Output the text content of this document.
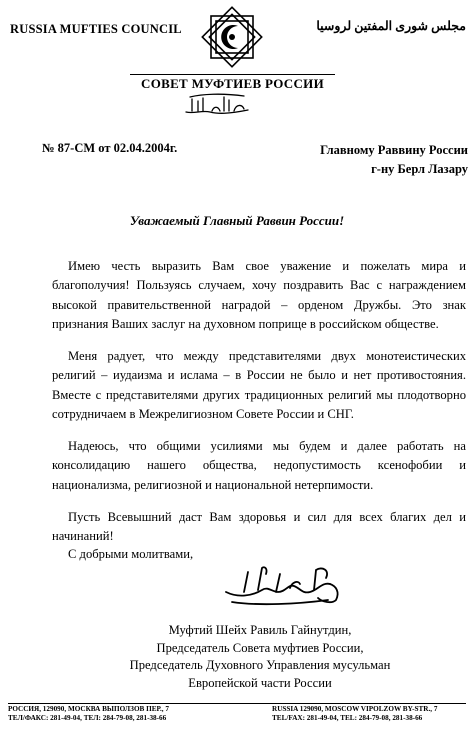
RUSSIA MUFTIES COUNCIL	مجلس شورى المفتين لروسيا
СОВЕТ МУФТИЕВ РОССИИ
بسم الله الرحمن الرحيم
№ 87-СМ от 02.04.2004г.	Главному Раввину России
г-ну Берл Лазару
Уважаемый Главный Раввин России!
Имею честь выразить Вам свое уважение и пожелать мира и благополучия! Пользуясь случаем, хочу поздравить Вас с награждением высокой правительственной наградой – орденом Дружбы. Это знак признания Ваших заслуг на духовном поприще в российском обществе.
Меня радует, что между представителями двух монотеистических религий – иудаизма и ислама – в России не было и нет противостояния. Вместе с представителями других традиционных религий мы плодотворно сотрудничаем в Межрелигиозном Совете России и СНГ.
Надеюсь, что общими усилиями мы будем и далее работать на консолидацию нашего общества, недопустимость ксенофобии и национализма, религиозной и национальной нетерпимости.
Пусть Всевышний даст Вам здоровья и сил для всех благих дел и начинаний!
С добрыми молитвами,
Муфтий Шейх Равиль Гайнутдин,
Председатель Совета муфтиев России,
Председатель Духовного Управления мусульман
Европейской части России
РОССИЯ, 129090, МОСКВА ВЫПОЛЗОВ ПЕР., 7
ТЕЛ/ФАКС: 281-49-04, ТЕЛ: 284-79-08, 281-38-66
RUSSIA 129090, MOSCOW VIPOLZOW BY-STR., 7
TEL/FAX: 281-49-04, TEL: 284-79-08, 281-38-66
